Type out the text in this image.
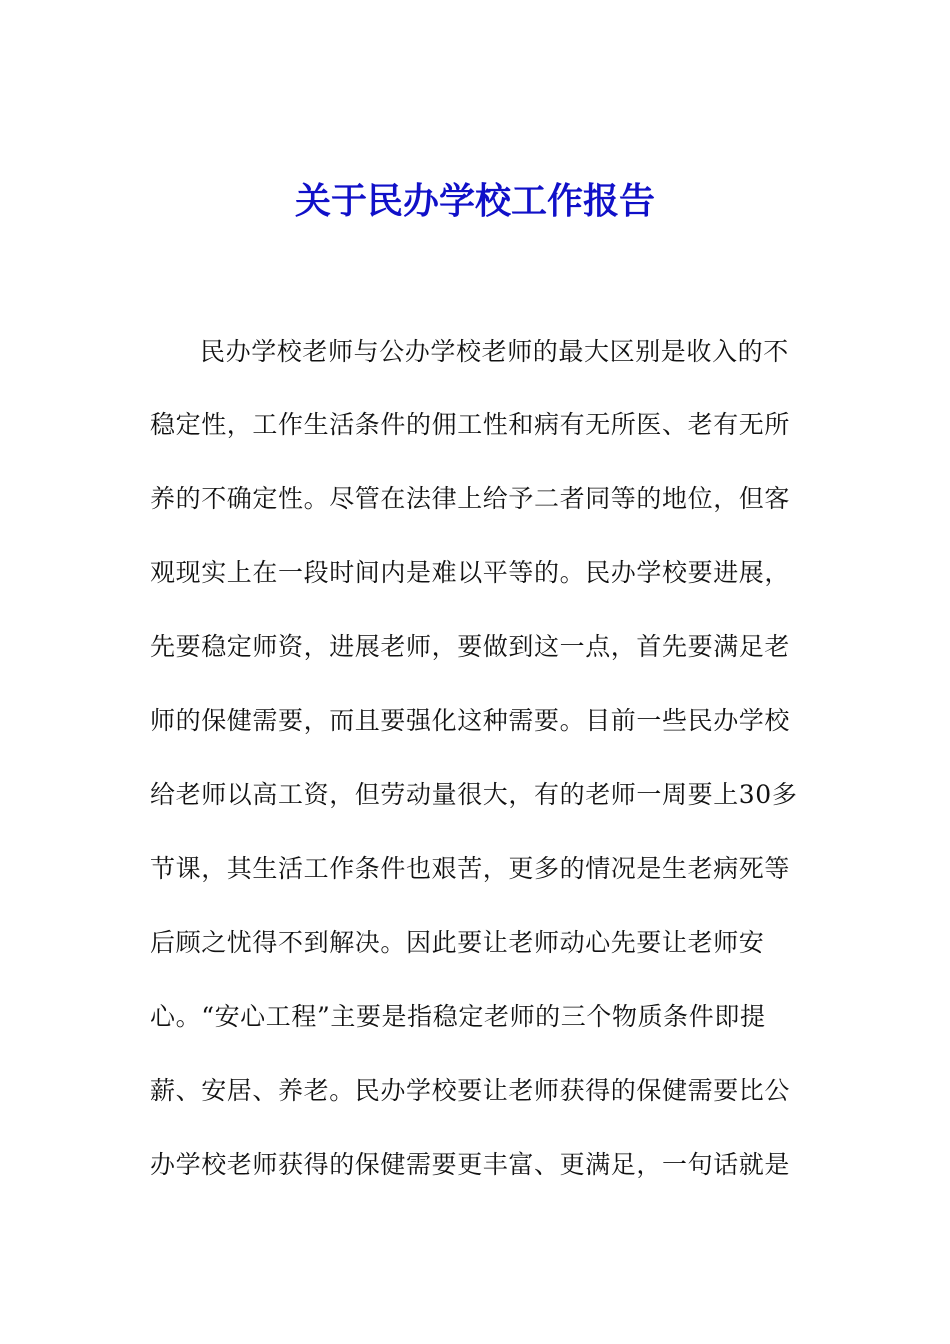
关于民办学校工作报告
民办学校老师与公办学校老师的最大区别是收入的不
稳定性，工作生活条件的佣工性和病有无所医、老有无所
养的不确定性。尽管在法律上给予二者同等的地位，但客
观现实上在一段时间内是难以平等的。民办学校要进展，
先要稳定师资，进展老师，要做到这一点，首先要满足老
师的保健需要，而且要强化这种需要。目前一些民办学校
给老师以高工资，但劳动量很大，有的老师一周要上30多
节课，其生活工作条件也艰苦，更多的情况是生老病死等
后顾之忧得不到解决。因此要让老师动心先要让老师安
心。“安心工程”主要是指稳定老师的三个物质条件即提
薪、安居、养老。民办学校要让老师获得的保健需要比公
办学校老师获得的保健需要更丰富、更满足，一句话就是
